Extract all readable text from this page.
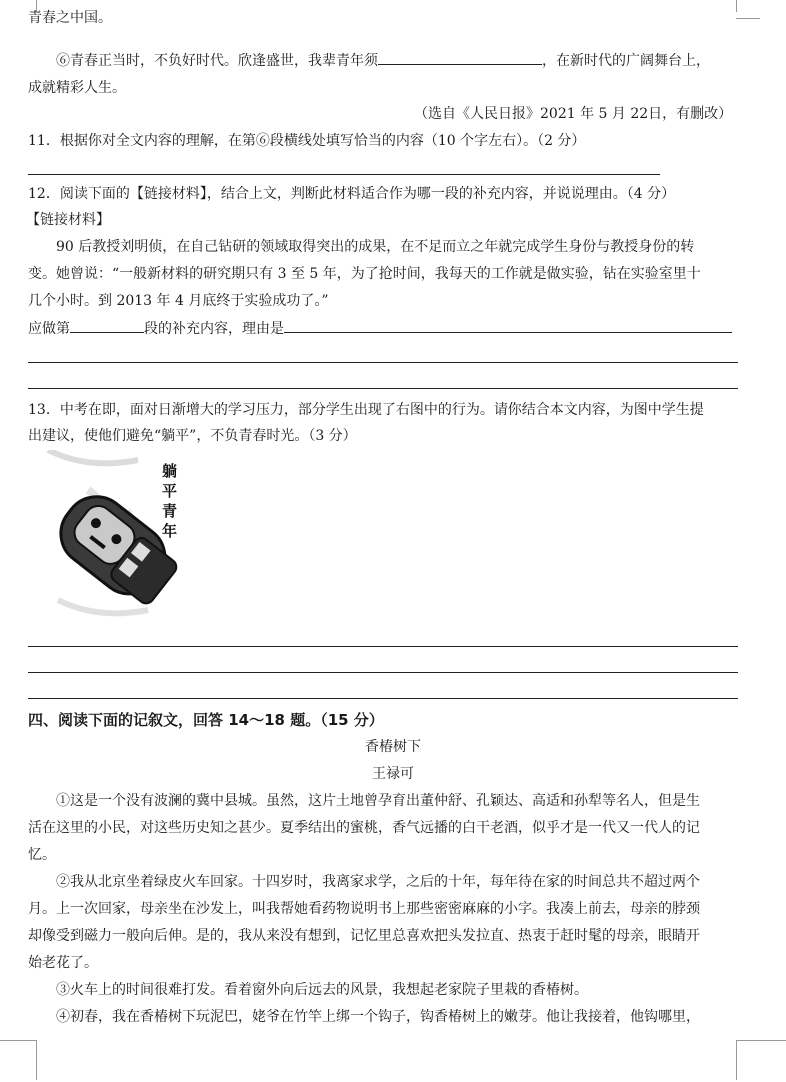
青春之中国。
⑥青春正当时，不负好时代。欣逢盛世，我辈青年须	，在新时代的广阔舞台上，
成就精彩人生。
（选自《人民日报》2021 年 5 月 22日，有删改）
11．根据你对全文内容的理解，在第⑥段横线处填写恰当的内容（10 个字左右）。（2 分）
12．阅读下面的【链接材料】，结合上文，判断此材料适合作为哪一段的补充内容，并说说理由。（4 分）
【链接材料】
90 后教授刘明侦，在自己钻研的领域取得突出的成果，在不足而立之年就完成学生身份与教授身份的转
变。她曾说：“一般新材料的研究期只有 3 至 5 年，为了抢时间，我每天的工作就是做实验，钻在实验室里十
几个小时。到 2013 年 4 月底终于实验成功了。”
应做第	段的补充内容，理由是
13．中考在即，面对日渐增大的学习压力，部分学生出现了右图中的行为。请你结合本文内容，为图中学生提
出建议，使他们避免“躺平”，不负青春时光。（3 分）
躺 平 青 年
四、阅读下面的记叙文，回答 14～18 题。（15 分）
香椿树下
王禄可
①这是一个没有波澜的冀中县城。虽然，这片土地曾孕育出董仲舒、孔颖达、高适和孙犁等名人，但是生
活在这里的小民，对这些历史知之甚少。夏季结出的蜜桃，香气远播的白干老酒，似乎才是一代又一代人的记
忆。
②我从北京坐着绿皮火车回家。十四岁时，我离家求学，之后的十年，每年待在家的时间总共不超过两个
月。上一次回家，母亲坐在沙发上，叫我帮她看药物说明书上那些密密麻麻的小字。我凑上前去，母亲的脖颈
却像受到磁力一般向后伸。是的，我从来没有想到，记忆里总喜欢把头发拉直、热衷于赶时髦的母亲，眼睛开
始老花了。
③火车上的时间很难打发。看着窗外向后远去的风景，我想起老家院子里栽的香椿树。
④初春，我在香椿树下玩泥巴，姥爷在竹竿上绑一个钩子，钩香椿树上的嫩芽。他让我接着，他钩哪里，
